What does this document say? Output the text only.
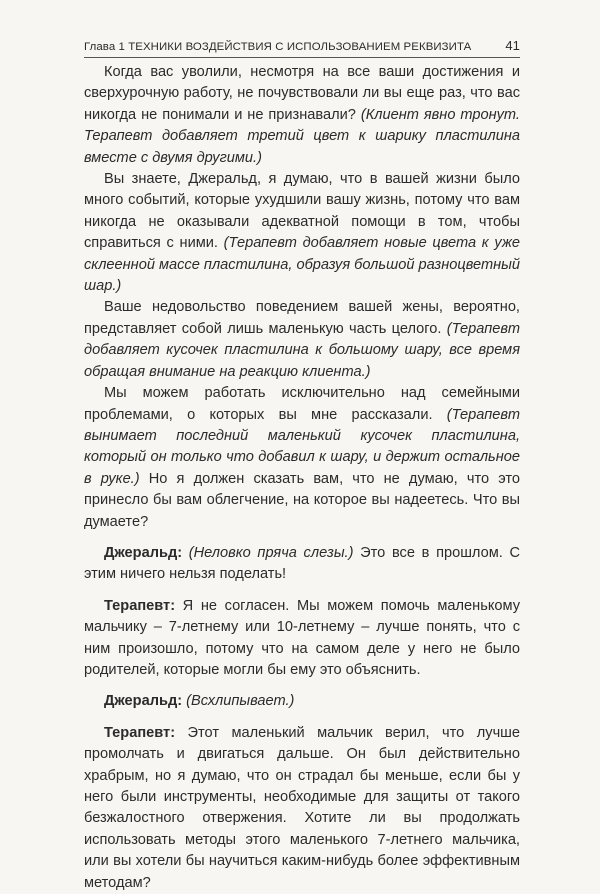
Глава 1 ТЕХНИКИ ВОЗДЕЙСТВИЯ С ИСПОЛЬЗОВАНИЕМ РЕКВИЗИТА	41

Когда вас уволили, несмотря на все ваши достижения и сверхурочную работу, не почувствовали ли вы еще раз, что вас никогда не понимали и не признавали? (Клиент явно тронут. Терапевт добавляет третий цвет к шарику пластилина вместе с двумя другими.)

Вы знаете, Джеральд, я думаю, что в вашей жизни было много событий, которые ухудшили вашу жизнь, потому что вам никогда не оказывали адекватной помощи в том, чтобы справиться с ними. (Терапевт добавляет новые цвета к уже склеенной массе пластилина, образуя большой разноцветный шар.)

Ваше недовольство поведением вашей жены, вероятно, представляет собой лишь маленькую часть целого. (Терапевт добавляет кусочек пластилина к большому шару, все время обращая внимание на реакцию клиента.)

Мы можем работать исключительно над семейными проблемами, о которых вы мне рассказали. (Терапевт вынимает последний маленький кусочек пластилина, который он только что добавил к шару, и держит остальное в руке.) Но я должен сказать вам, что не думаю, что это принесло бы вам облегчение, на которое вы надеетесь. Что вы думаете?

Джеральд: (Неловко пряча слезы.) Это все в прошлом. С этим ничего нельзя поделать!

Терапевт: Я не согласен. Мы можем помочь маленькому мальчику – 7-летнему или 10-летнему – лучше понять, что с ним произошло, потому что на самом деле у него не было родителей, которые могли бы ему это объяснить.

Джеральд: (Всхлипывает.)

Терапевт: Этот маленький мальчик верил, что лучше промолчать и двигаться дальше. Он был действительно храбрым, но я думаю, что он страдал бы меньше, если бы у него были инструменты, необходимые для защиты от такого безжалостного отвержения. Хотите ли вы продолжать использовать методы этого маленького 7-летнего мальчика, или вы хотели бы научиться каким-нибудь более эффективным методам?
